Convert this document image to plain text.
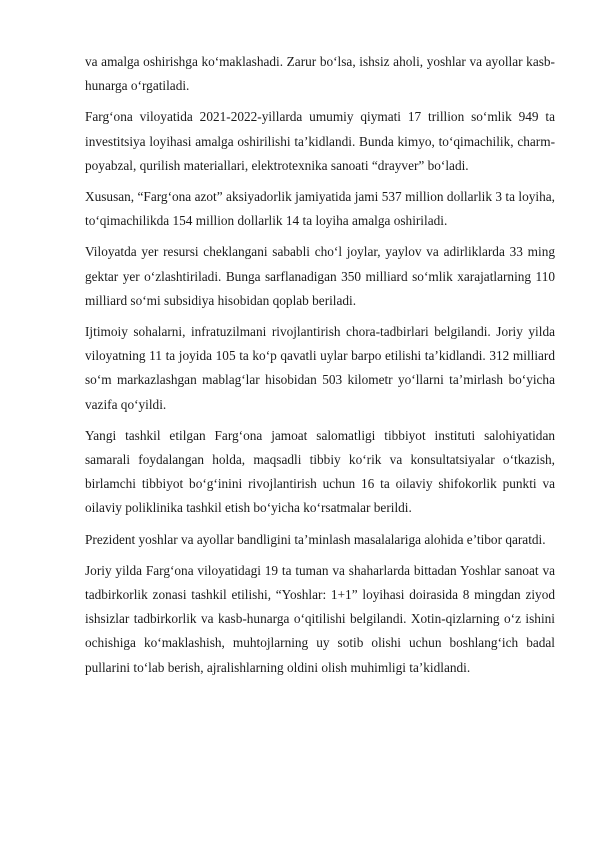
va amalga oshirishga ko‘maklashadi. Zarur bo‘lsa, ishsiz aholi, yoshlar va ayollar kasb-hunarga o‘rgatiladi.

Farg‘ona viloyatida 2021-2022-yillarda umumiy qiymati 17 trillion so‘mlik 949 ta investitsiya loyihasi amalga oshirilishi ta’kidlandi. Bunda kimyo, to‘qimachilik, charm-poyabzal, qurilish materiallari, elektrotexnika sanoati “drayver” bo‘ladi.

Xususan, “Farg‘ona azot” aksiyadorlik jamiyatida jami 537 million dollarlik 3 ta loyiha, to‘qimachilikda 154 million dollarlik 14 ta loyiha amalga oshiriladi.

Viloyatda yer resursi cheklangani sababli cho‘l joylar, yaylov va adirliklarda 33 ming gektar yer o‘zlashtiriladi. Bunga sarflanadigan 350 milliard so‘mlik xarajatlarning 110 milliard so‘mi subsidiya hisobidan qoplab beriladi.

Ijtimoiy sohalarni, infratuzilmani rivojlantirish chora-tadbirlari belgilandi. Joriy yilda viloyatning 11 ta joyida 105 ta ko‘p qavatli uylar barpo etilishi ta’kidlandi. 312 milliard so‘m markazlashgan mablag‘lar hisobidan 503 kilometr yo‘llarni ta’mirlash bo‘yicha vazifa qo‘yildi.

Yangi tashkil etilgan Farg‘ona jamoat salomatligi tibbiyot instituti salohiyatidan samarali foydalangan holda, maqsadli tibbiy ko‘rik va konsultatsiyalar o‘tkazish, birlamchi tibbiyot bo‘g‘inini rivojlantirish uchun 16 ta oilaviy shifokorlik punkti va oilaviy poliklinika tashkil etish bo‘yicha ko‘rsatmalar berildi.

Prezident yoshlar va ayollar bandligini ta’minlash masalalariga alohida e’tibor qaratdi.

Joriy yilda Farg‘ona viloyatidagi 19 ta tuman va shaharlarda bittadan Yoshlar sanoat va tadbirkorlik zonasi tashkil etilishi, “Yoshlar: 1+1” loyihasi doirasida 8 mingdan ziyod ishsizlar tadbirkorlik va kasb-hunarga o‘qitilishi belgilandi. Xotin-qizlarning o‘z ishini ochishiga ko‘maklashish, muhtojlarning uy sotib olishi uchun boshlang‘ich badal pullarini to‘lab berish, ajralishlarning oldini olish muhimligi ta’kidlandi.
